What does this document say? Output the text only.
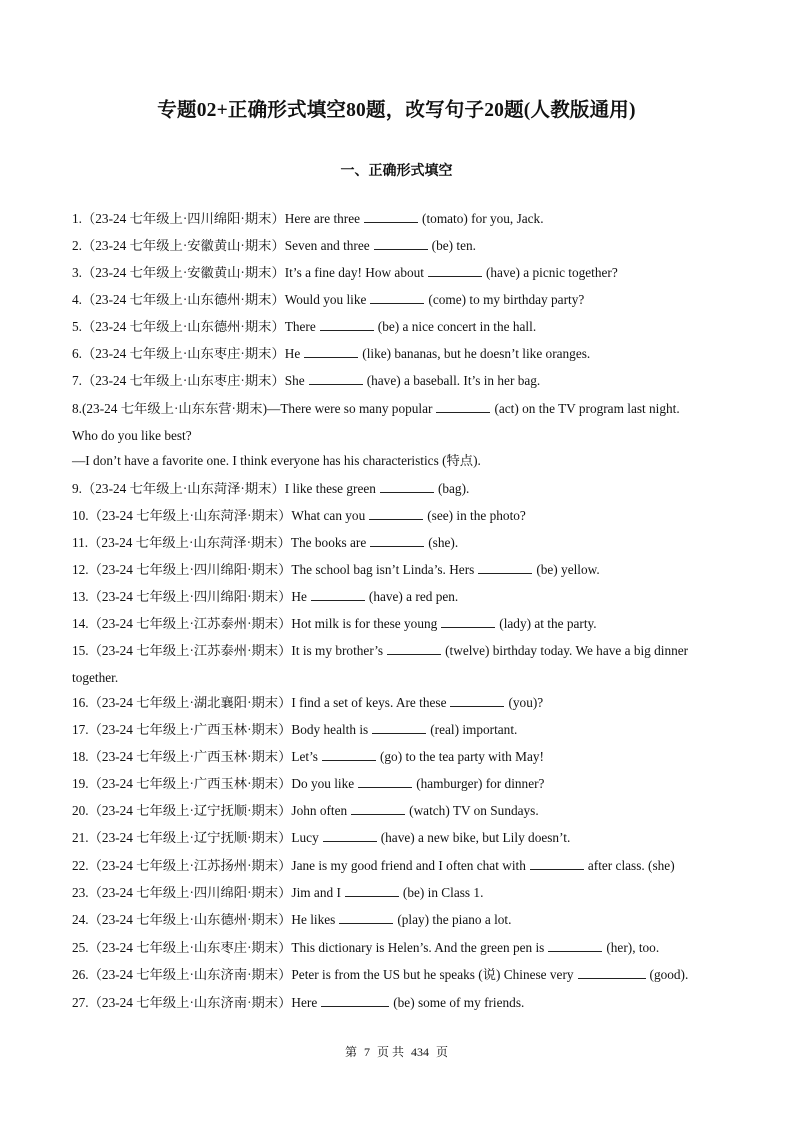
专题02+正确形式填空80题，改写句子20题(人教版通用)
一、正确形式填空
1.（23-24 七年级上·四川绵阳·期末）Here are three	(tomato) for you, Jack.
2.（23-24 七年级上·安徽黄山·期末）Seven and three	(be) ten.
3.（23-24 七年级上·安徽黄山·期末）It’s a fine day! How about	(have) a picnic together?
4.（23-24 七年级上·山东德州·期末）Would you like	(come) to my birthday party?
5.（23-24 七年级上·山东德州·期末）There	(be) a nice concert in the hall.
6.（23-24 七年级上·山东枣庄·期末）He	(like) bananas, but he doesn’t like oranges.
7.（23-24 七年级上·山东枣庄·期末）She	(have) a baseball. It’s in her bag.
8.(23-24 七年级上·山东东营·期末)—There were so many popular	(act) on the TV program last night.
Who do you like best?
—I don’t have a favorite one. I think everyone has his characteristics (特点).
9.（23-24 七年级上·山东菏泽·期末）I like these green	(bag).
10.（23-24 七年级上·山东菏泽·期末）What can you	(see) in the photo?
11.（23-24 七年级上·山东菏泽·期末）The books are	(she).
12.（23-24 七年级上·四川绵阳·期末）The school bag isn’t Linda’s. Hers	(be) yellow.
13.（23-24 七年级上·四川绵阳·期末）He	(have) a red pen.
14.（23-24 七年级上·江苏泰州·期末）Hot milk is for these young	(lady) at the party.
15.（23-24 七年级上·江苏泰州·期末）It is my brother’s	(twelve) birthday today. We have a big dinner
together.
16.（23-24 七年级上·湖北襄阳·期末）I find a set of keys. Are these	(you)?
17.（23-24 七年级上·广西玉林·期末）Body health is	(real) important.
18.（23-24 七年级上·广西玉林·期末）Let’s	(go) to the tea party with May!
19.（23-24 七年级上·广西玉林·期末）Do you like	(hamburger) for dinner?
20.（23-24 七年级上·辽宁抚顺·期末）John often	(watch) TV on Sundays.
21.（23-24 七年级上·辽宁抚顺·期末）Lucy	(have) a new bike, but Lily doesn’t.
22.（23-24 七年级上·江苏扬州·期末）Jane is my good friend and I often chat with	after class. (she)
23.（23-24 七年级上·四川绵阳·期末）Jim and I	(be) in Class 1.
24.（23-24 七年级上·山东德州·期末）He likes	(play) the piano a lot.
25.（23-24 七年级上·山东枣庄·期末）This dictionary is Helen’s. And the green pen is	(her), too.
26.（23-24 七年级上·山东济南·期末）Peter is from the US but he speaks (说) Chinese very	(good).
27.（23-24 七年级上·山东济南·期末）Here	(be) some of my friends.
第 7 页 共 434 页
